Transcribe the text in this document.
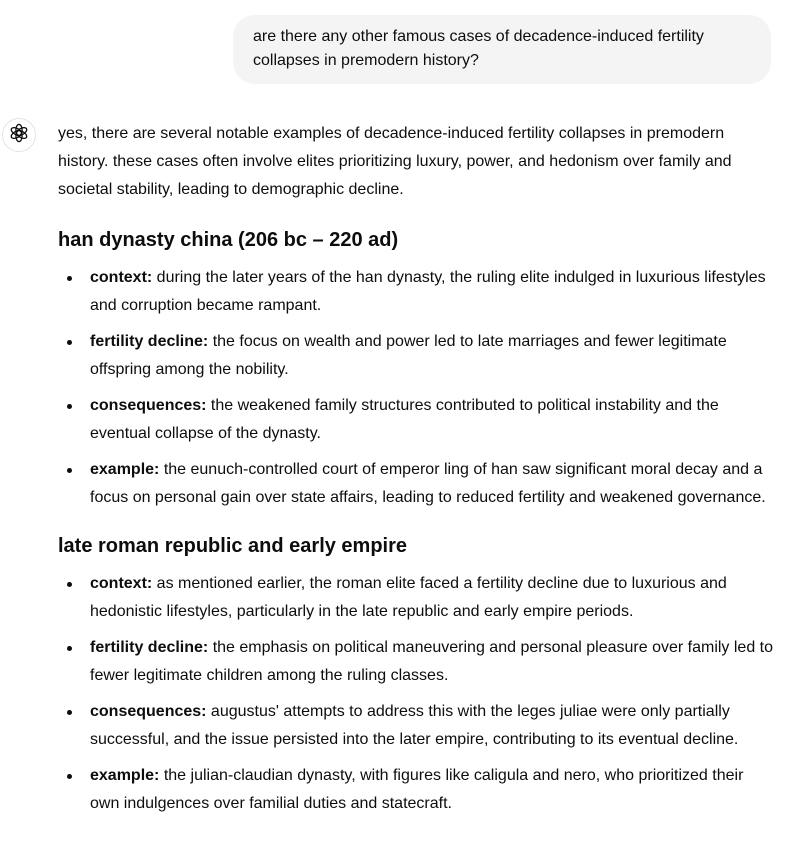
are there any other famous cases of decadence-induced fertility collapses in premodern history?

yes, there are several notable examples of decadence-induced fertility collapses in premodern history. these cases often involve elites prioritizing luxury, power, and hedonism over family and societal stability, leading to demographic decline.

han dynasty china (206 bc – 220 ad)
context: during the later years of the han dynasty, the ruling elite indulged in luxurious lifestyles and corruption became rampant.
fertility decline: the focus on wealth and power led to late marriages and fewer legitimate offspring among the nobility.
consequences: the weakened family structures contributed to political instability and the eventual collapse of the dynasty.
example: the eunuch-controlled court of emperor ling of han saw significant moral decay and a focus on personal gain over state affairs, leading to reduced fertility and weakened governance.
late roman republic and early empire
context: as mentioned earlier, the roman elite faced a fertility decline due to luxurious and hedonistic lifestyles, particularly in the late republic and early empire periods.
fertility decline: the emphasis on political maneuvering and personal pleasure over family led to fewer legitimate children among the ruling classes.
consequences: augustus' attempts to address this with the leges juliae were only partially successful, and the issue persisted into the later empire, contributing to its eventual decline.
example: the julian-claudian dynasty, with figures like caligula and nero, who prioritized their own indulgences over familial duties and statecraft.
